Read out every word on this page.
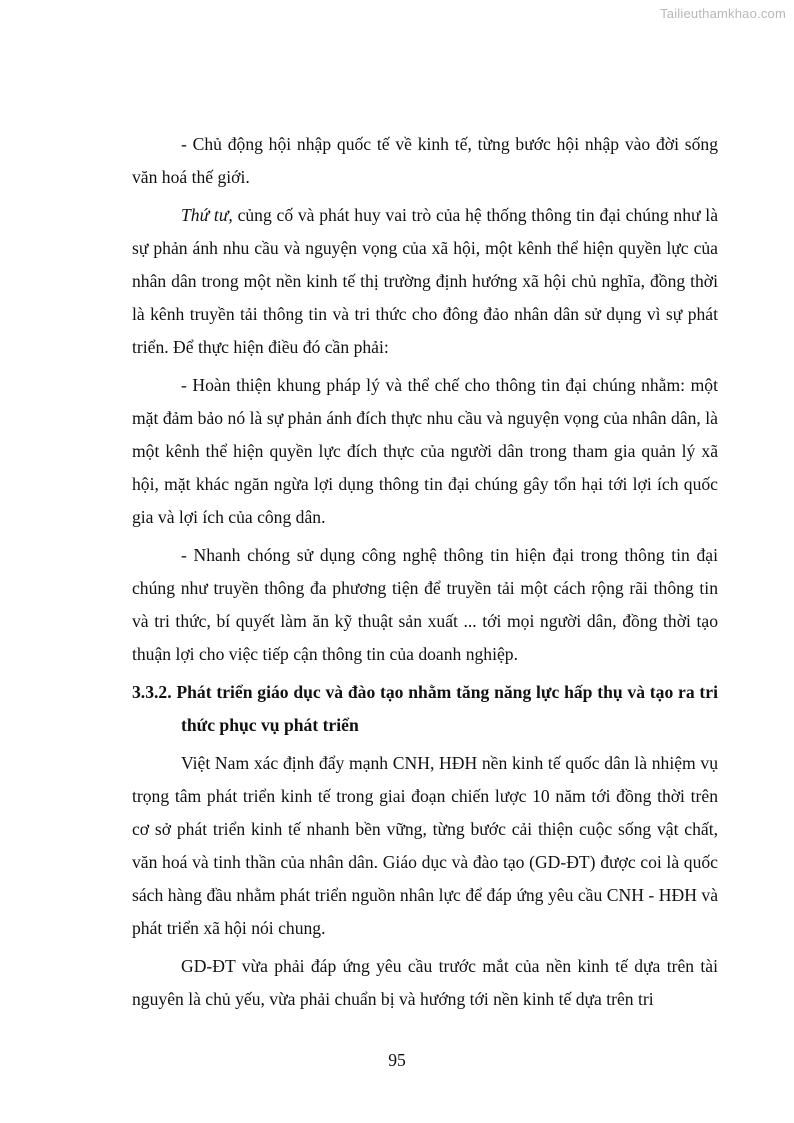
Tailieuthamkhao.com

- Chủ động hội nhập quốc tế về kinh tế, từng bước hội nhập vào đời sống văn hoá thế giới.

Thứ tư, củng cố và phát huy vai trò của hệ thống thông tin đại chúng như là sự phản ánh nhu cầu và nguyện vọng của xã hội, một kênh thể hiện quyền lực của nhân dân trong một nền kinh tế thị trường định hướng xã hội chủ nghĩa, đồng thời là kênh truyền tải thông tin và tri thức cho đông đảo nhân dân sử dụng vì sự phát triển. Để thực hiện điều đó cần phải:

- Hoàn thiện khung pháp lý và thể chế cho thông tin đại chúng nhằm: một mặt đảm bảo nó là sự phản ánh đích thực nhu cầu và nguyện vọng của nhân dân, là một kênh thể hiện quyền lực đích thực của người dân trong tham gia quản lý xã hội, mặt khác ngăn ngừa lợi dụng thông tin đại chúng gây tổn hại tới lợi ích quốc gia và lợi ích của công dân.

- Nhanh chóng sử dụng công nghệ thông tin hiện đại trong thông tin đại chúng như truyền thông đa phương tiện để truyền tải một cách rộng rãi thông tin và tri thức, bí quyết làm ăn kỹ thuật sản xuất ... tới mọi người dân, đồng thời tạo thuận lợi cho việc tiếp cận thông tin của doanh nghiệp.

3.3.2. Phát triển giáo dục và đào tạo nhằm tăng năng lực hấp thụ và tạo ra tri thức phục vụ phát triển

Việt Nam xác định đẩy mạnh CNH, HĐH nền kinh tế quốc dân là nhiệm vụ trọng tâm phát triển kinh tế trong giai đoạn chiến lược 10 năm tới đồng thời trên cơ sở phát triển kinh tế nhanh bền vững, từng bước cải thiện cuộc sống vật chất, văn hoá và tinh thần của nhân dân. Giáo dục và đào tạo (GD-ĐT) được coi là quốc sách hàng đầu nhằm phát triển nguồn nhân lực để đáp ứng yêu cầu CNH - HĐH và phát triển xã hội nói chung.

GD-ĐT vừa phải đáp ứng yêu cầu trước mắt của nền kinh tế dựa trên tài nguyên là chủ yếu, vừa phải chuẩn bị và hướng tới nền kinh tế dựa trên tri

95
